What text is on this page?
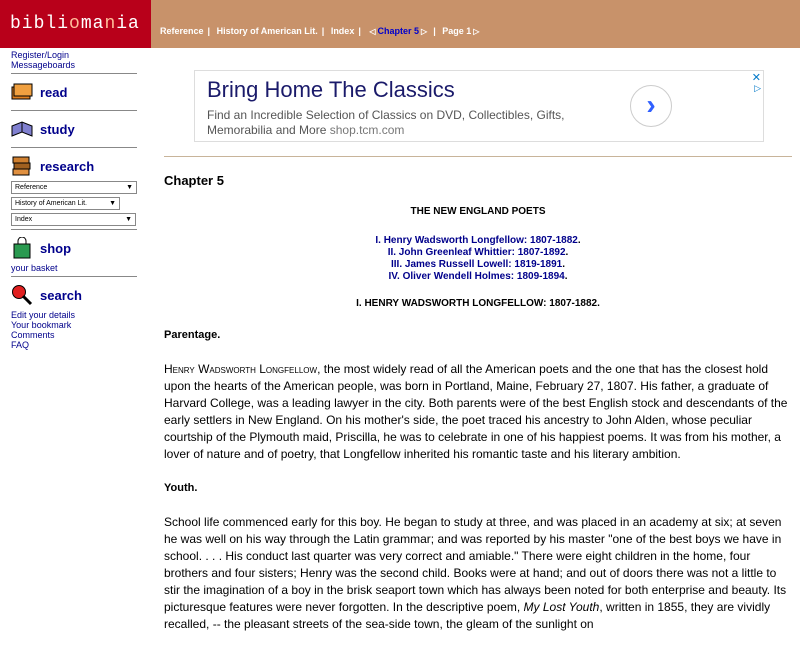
bibliomania	Reference | History of American Lit. | Index | ◁ Chapter 5 ▷ | Page 1 ▷
Register/Login
Messageboards
read
study
research
Reference	▼
History of American Lit.	▼
Index	▼
shop
your basket
search
Edit your details
Your bookmark
Comments
FAQ
Bring Home The Classics
Find an Incredible Selection of Classics on DVD, Collectibles, Gifts, Memorabilia and More shop.tcm.com
›
✕
▷
Chapter 5
THE NEW ENGLAND POETS
I. Henry Wadsworth Longfellow: 1807-1882.
II. John Greenleaf Whittier: 1807-1892.
III. James Russell Lowell: 1819-1891.
IV. Oliver Wendell Holmes: 1809-1894.
I. HENRY WADSWORTH LONGFELLOW: 1807-1882.
Parentage.

Henry Wadsworth Longfellow, the most widely read of all the American poets and the one that has the closest hold upon the hearts of the American people, was born in Portland, Maine, February 27, 1807. His father, a graduate of Harvard College, was a leading lawyer in the city. Both parents were of the best English stock and descendants of the early settlers in New England. On his mother's side, the poet traced his ancestry to John Alden, whose peculiar courtship of the Plymouth maid, Priscilla, he was to celebrate in one of his happiest poems. It was from his mother, a lover of nature and of poetry, that Longfellow inherited his romantic taste and his literary ambition.

Youth.

School life commenced early for this boy. He began to study at three, and was placed in an academy at six; at seven he was well on his way through the Latin grammar; and was reported by his master "one of the best boys we have in school. . . . His conduct last quarter was very correct and amiable." There were eight children in the home, four brothers and four sisters; Henry was the second child. Books were at hand; and out of doors there was not a little to stir the imagination of a boy in the brisk seaport town which has always been noted for both enterprise and beauty. Its picturesque features were never forgotten. In the descriptive poem, My Lost Youth, written in 1855, they are vividly recalled, -- the pleasant streets of the sea-side town, the gleam of the sunlight on
